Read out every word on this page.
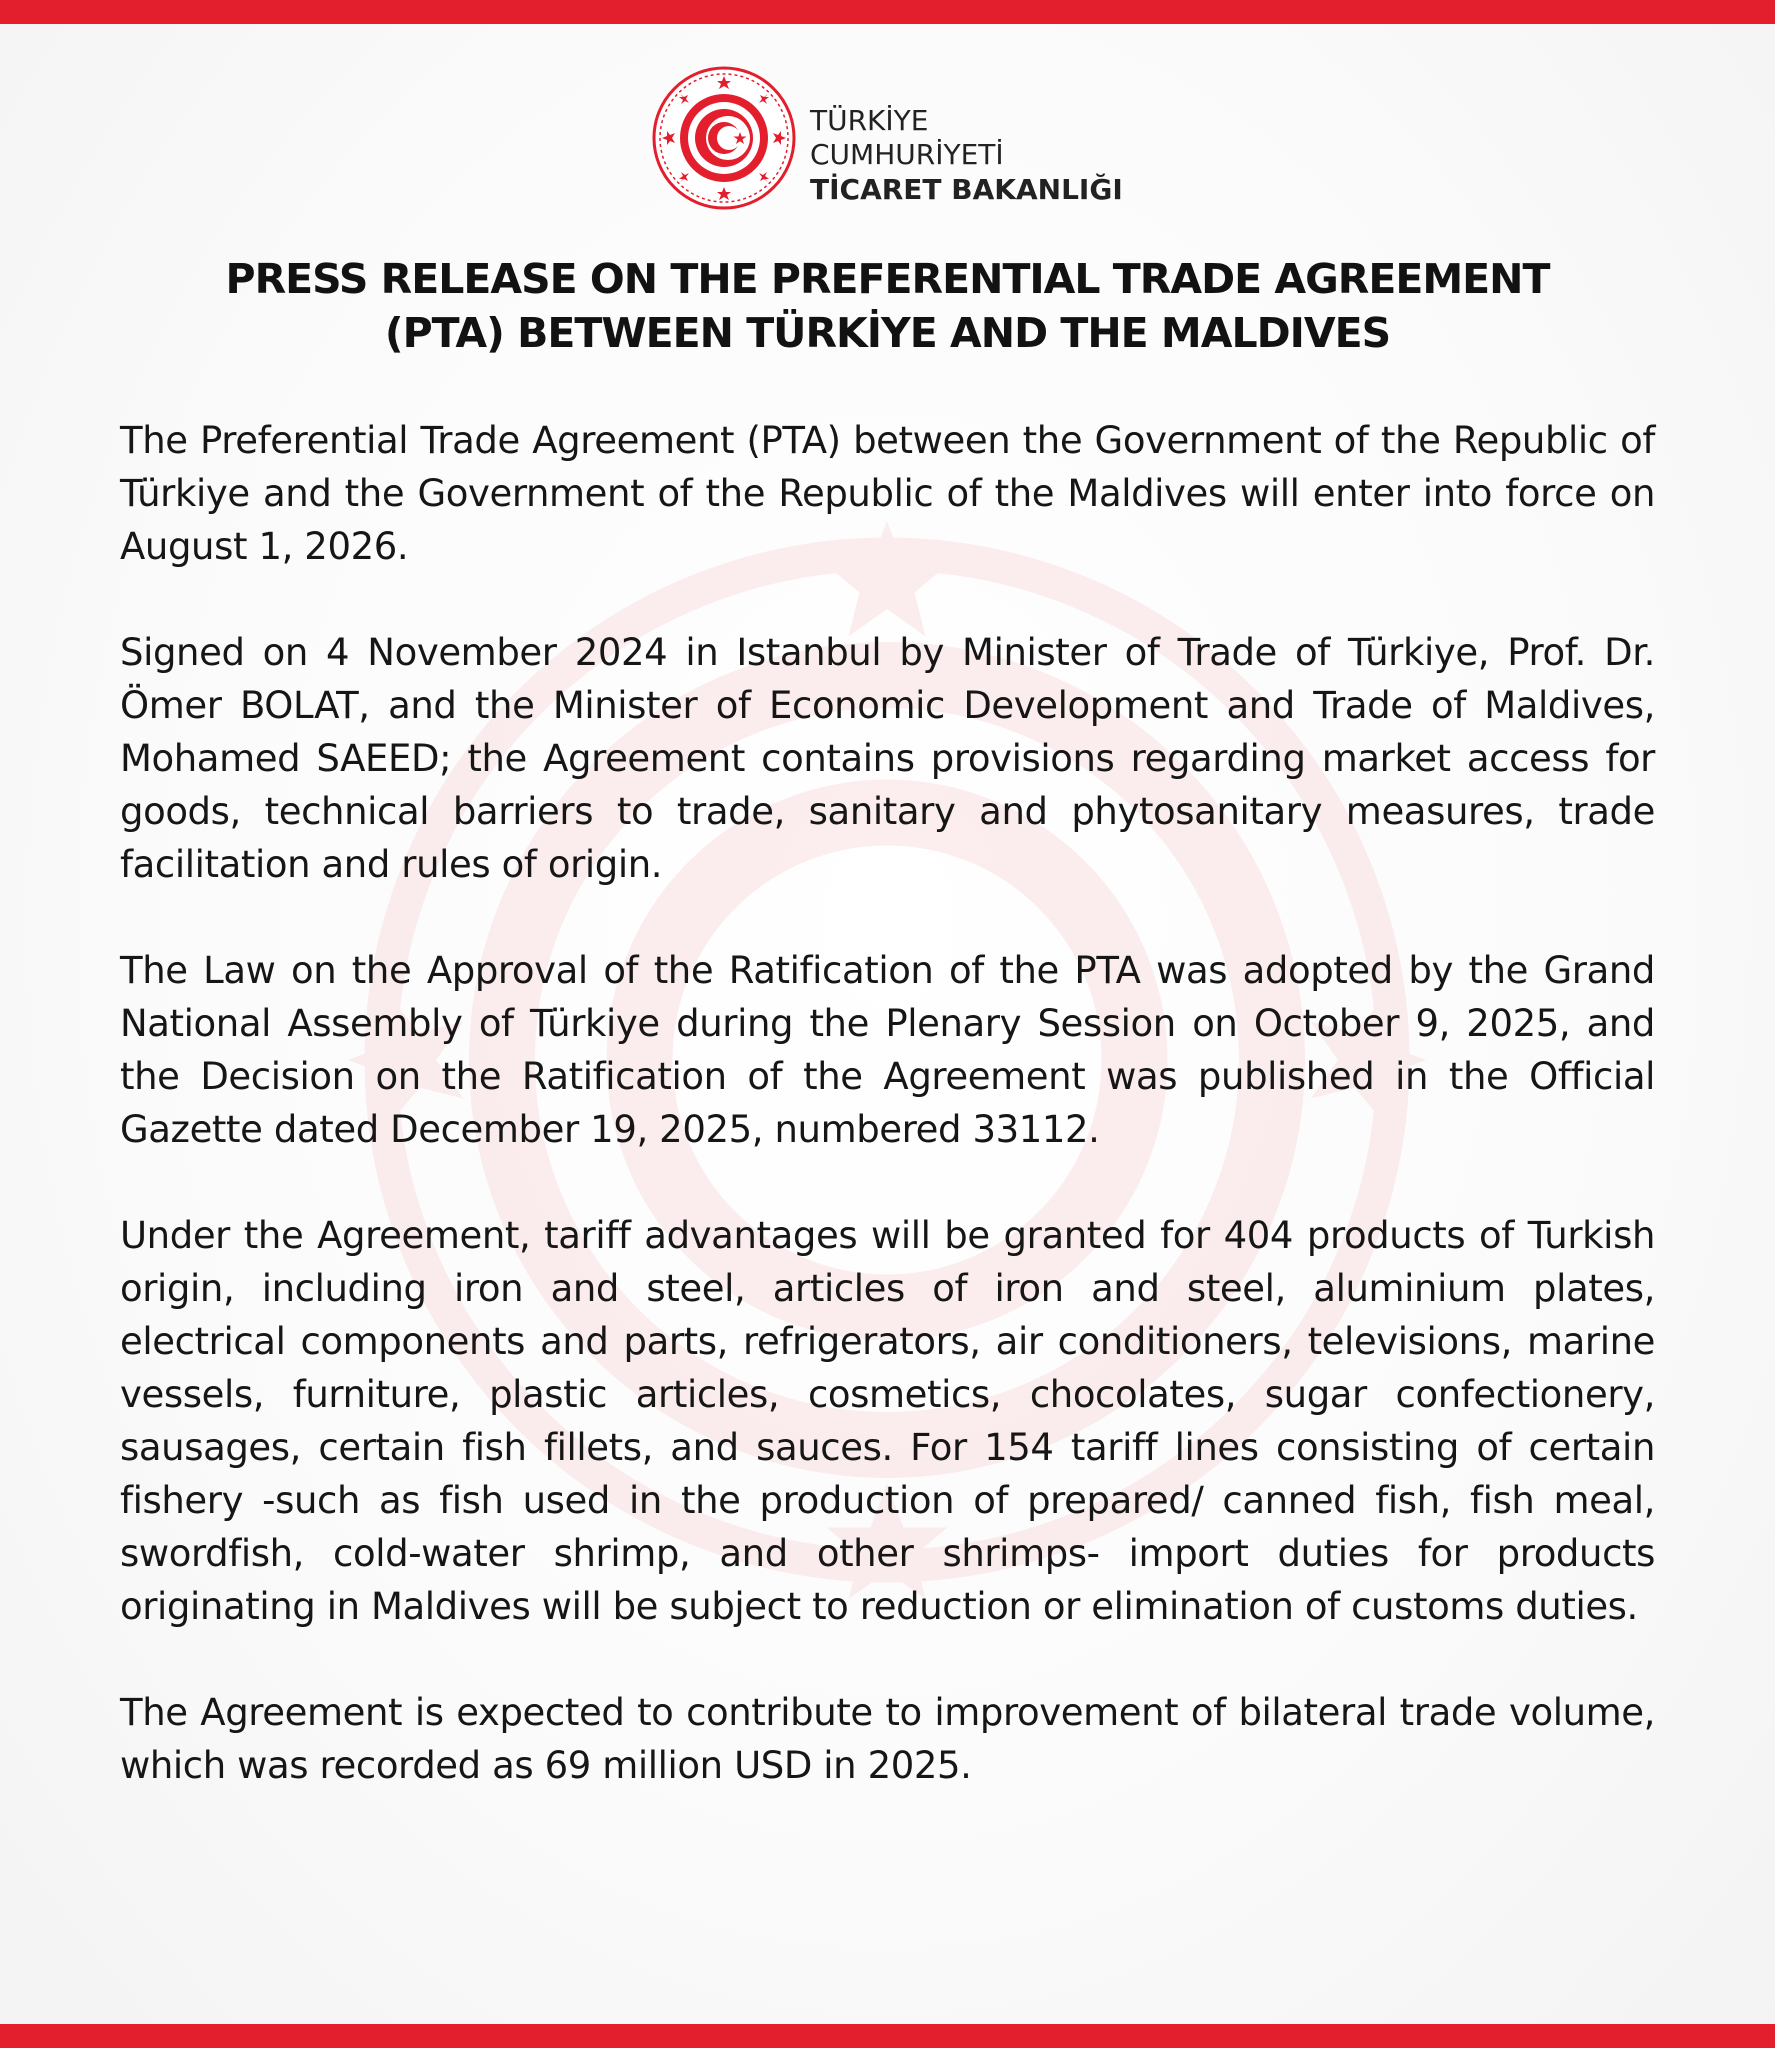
TÜRKİYE CUMHURİYETİ
TİCARET BAKANLIĞI
PRESS RELEASE ON THE PREFERENTIAL TRADE AGREEMENT
(PTA) BETWEEN TÜRKİYE AND THE MALDIVES

The Preferential Trade Agreement (PTA) between the Government of the Republic of Türkiye and the Government of the Republic of the Maldives will enter into force on August 1, 2026.

Signed on 4 November 2024 in Istanbul by Minister of Trade of Türkiye, Prof. Dr. Ömer BOLAT, and the Minister of Economic Development and Trade of Maldives, Mohamed SAEED; the Agreement contains provisions regarding market access for goods, technical barriers to trade, sanitary and phytosanitary measures, trade facilitation and rules of origin.

The Law on the Approval of the Ratification of the PTA was adopted by the Grand National Assembly of Türkiye during the Plenary Session on October 9, 2025, and the Decision on the Ratification of the Agreement was published in the Official Gazette dated December 19, 2025, numbered 33112.

Under the Agreement, tariff advantages will be granted for 404 products of Turkish origin, including iron and steel, articles of iron and steel, aluminium plates, electrical components and parts, refrigerators, air conditioners, televisions, marine vessels, furniture, plastic articles, cosmetics, chocolates, sugar confectionery, sausages, certain fish fillets, and sauces. For 154 tariff lines consisting of certain fishery -such as fish used in the production of prepared/ canned fish, fish meal, swordfish, cold-water shrimp, and other shrimps- import duties for products originating in Maldives will be subject to reduction or elimination of customs duties.

The Agreement is expected to contribute to improvement of bilateral trade volume, which was recorded as 69 million USD in 2025.
